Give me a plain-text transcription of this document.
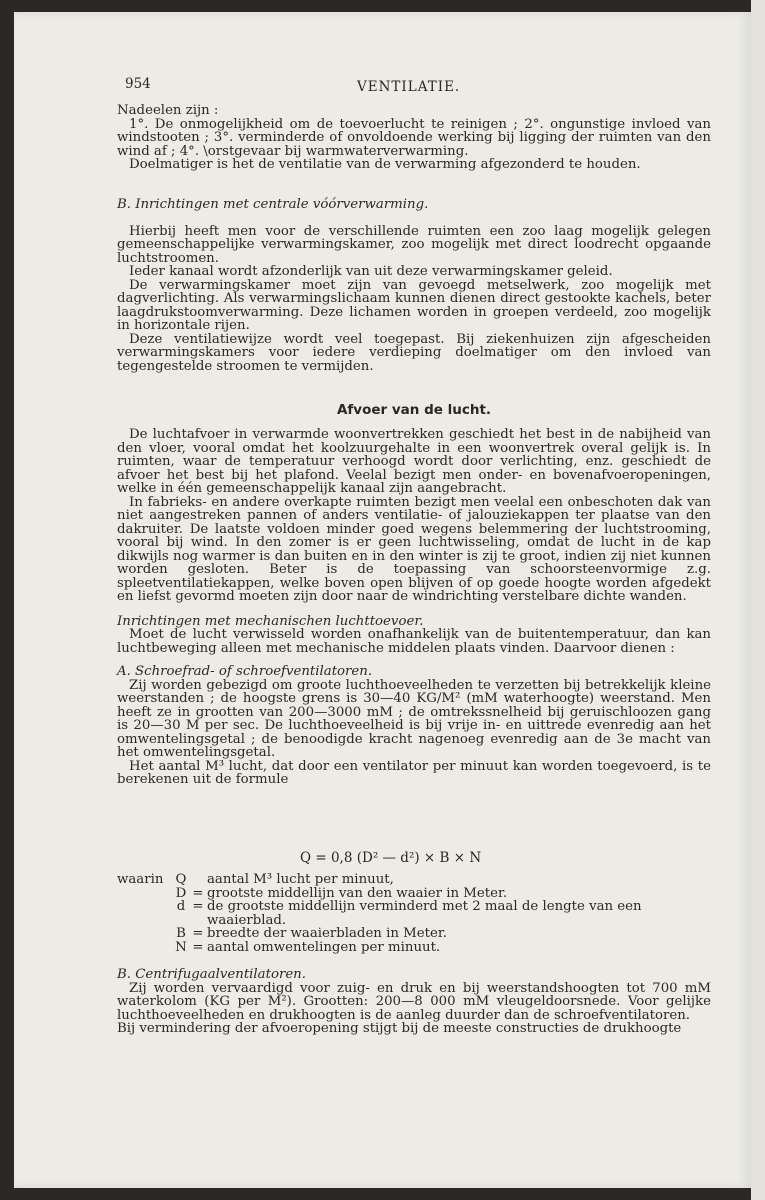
954	VENTILATIE.

Nadeelen zijn :

1°. De onmogelijkheid om de toevoerlucht te reinigen ; 2°. ongunstige invloed van windstooten ; 3°. verminderde of onvoldoende werking bij ligging der ruimten van den wind af ; 4°. \orstgevaar bij warmwaterverwarming.

Doelmatiger is het de ventilatie van de verwarming afgezonderd te houden.

B. Inrichtingen met centrale vóórverwarming.

Hierbij heeft men voor de verschillende ruimten een zoo laag mogelijk gelegen gemeenschappelijke verwarmingskamer, zoo mogelijk met direct loodrecht opgaande luchtstroomen.

Ieder kanaal wordt afzonderlijk van uit deze verwarmingskamer geleid.

De verwarmingskamer moet zijn van gevoegd metselwerk, zoo mogelijk met dagverlichting. Als verwarmingslichaam kunnen dienen direct gestookte kachels, beter laagdrukstoomverwarming. Deze lichamen worden in groepen verdeeld, zoo mogelijk in horizontale rijen.

Deze ventilatiewijze wordt veel toegepast. Bij ziekenhuizen zijn afgescheiden verwarmingskamers voor iedere verdieping doelmatiger om den invloed van tegengestelde stroomen te vermijden.

Afvoer van de lucht.

De luchtafvoer in verwarmde woonvertrekken geschiedt het best in de nabijheid van den vloer, vooral omdat het koolzuurgehalte in een woonvertrek overal gelijk is. In ruimten, waar de temperatuur verhoogd wordt door verlichting, enz. geschiedt de afvoer het best bij het plafond. Veelal bezigt men onder- en bovenafvoeropeningen, welke in één gemeenschappelijk kanaal zijn aangebracht.

In fabrieks- en andere overkapte ruimten bezigt men veelal een onbeschoten dak van niet aangestreken pannen of anders ventilatie- of jalouziekappen ter plaatse van den dakruiter. De laatste voldoen minder goed wegens belemmering der luchtstrooming, vooral bij wind. In den zomer is er geen luchtwisseling, omdat de lucht in de kap dikwijls nog warmer is dan buiten en in den winter is zij te groot, indien zij niet kunnen worden gesloten. Beter is de toepassing van schoorsteenvormige z.g. spleetventilatiekappen, welke boven open blijven of op goede hoogte worden afgedekt en liefst gevormd moeten zijn door naar de windrichting verstelbare dichte wanden.

Inrichtingen met mechanischen luchttoevoer.

Moet de lucht verwisseld worden onafhankelijk van de buitentemperatuur, dan kan luchtbeweging alleen met mechanische middelen plaats vinden. Daarvoor dienen :

A. Schroefrad- of schroefventilatoren.

Zij worden gebezigd om groote luchthoeveelheden te verzetten bij betrekkelijk kleine weerstanden ; de hoogste grens is 30—40 KG/M² (mM waterhoogte) weerstand. Men heeft ze in grootten van 200—3000 mM ; de omtrekssnelheid bij geruischloozen gang is 20—30 M per sec. De luchthoeveelheid is bij vrije in- en uittrede evenredig aan het omwentelingsgetal ; de benoodigde kracht nagenoeg evenredig aan de 3e macht van het omwentelingsgetal.

Het aantal M³ lucht, dat door een ventilator per minuut kan worden toegevoerd, is te berekenen uit de formule

Q = 0,8 (D² — d²) × B × N
waarin	Q		aantal M³ lucht per minuut,
	D	=	grootste middellijn van den waaier in Meter.
	d	=	de grootste middellijn verminderd met 2 maal de lengte van een waaierblad.
	B	=	breedte der waaierbladen in Meter.
	N	=	aantal omwentelingen per minuut.

B. Centrifugaalventilatoren.

Zij worden vervaardigd voor zuig- en druk en bij weerstandshoogten tot 700 mM waterkolom (KG per M²). Grootten: 200—8 000 mM vleugeldoorsnede. Voor gelijke luchthoeveelheden en drukhoogten is de aanleg duurder dan de schroefventilatoren.

Bij vermindering der afvoeropening stijgt bij de meeste constructies de drukhoogte
